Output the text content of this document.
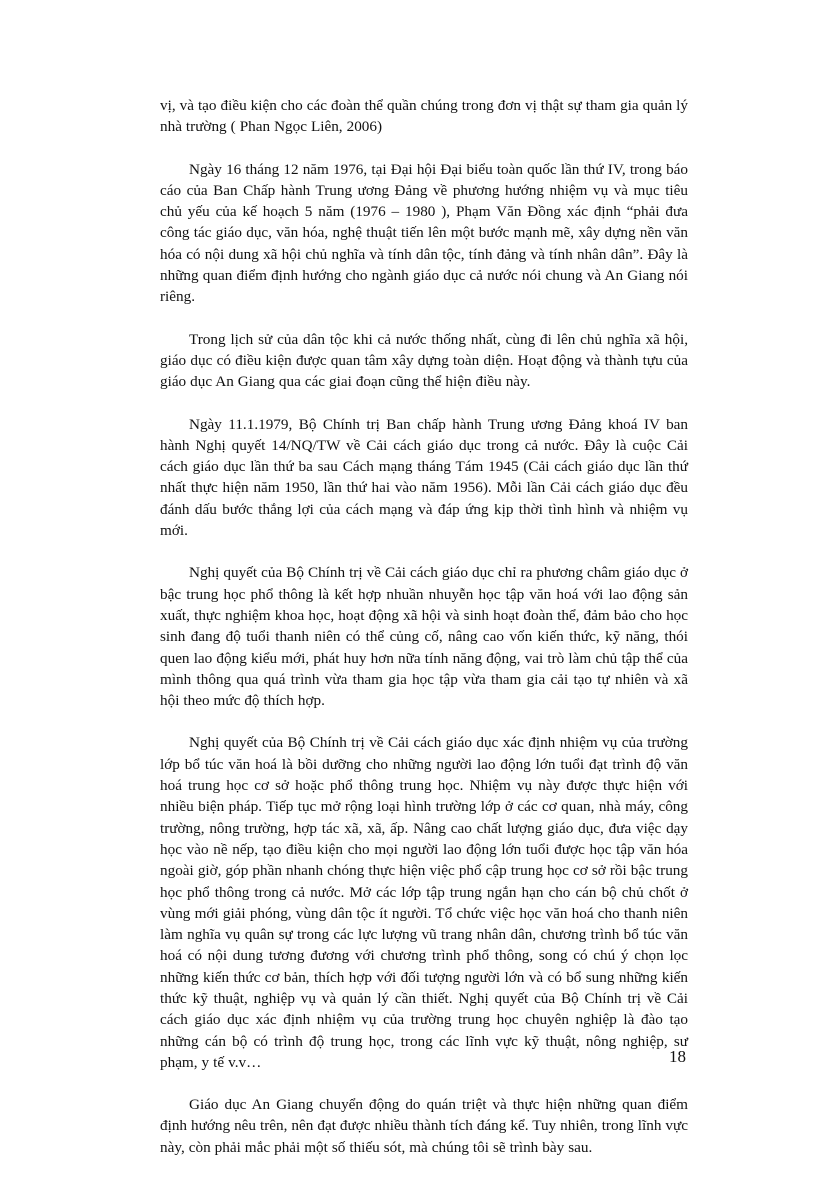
vị, và tạo điều kiện cho các đoàn thể quần chúng trong đơn vị thật sự tham gia quản lý nhà trường ( Phan Ngọc Liên, 2006)

Ngày 16 tháng 12 năm 1976, tại Đại hội Đại biểu toàn quốc lần thứ IV, trong báo cáo của Ban Chấp hành Trung ương Đảng về phương hướng nhiệm vụ và mục tiêu chủ yếu của kế hoạch 5 năm (1976 – 1980 ), Phạm Văn Đồng xác định “phải đưa công tác giáo dục, văn hóa, nghệ thuật tiến lên một bước mạnh mẽ, xây dựng nền văn hóa có nội dung xã hội chủ nghĩa và tính dân tộc, tính đảng và tính nhân dân”. Đây là những quan điểm định hướng cho ngành giáo dục cả nước nói chung và An Giang nói riêng.

Trong lịch sử của dân tộc khi cả nước thống nhất, cùng đi lên chủ nghĩa xã hội, giáo dục có điều kiện được quan tâm xây dựng toàn diện. Hoạt động và thành tựu của giáo dục An Giang qua các giai đoạn cũng thể hiện điều này.

Ngày 11.1.1979, Bộ Chính trị Ban chấp hành Trung ương Đảng khoá IV ban hành Nghị quyết 14/NQ/TW về Cải cách giáo dục trong cả nước. Đây là cuộc Cải cách giáo dục lần thứ ba sau Cách mạng tháng Tám 1945 (Cải cách giáo dục lần thứ nhất thực hiện năm 1950, lần thứ hai vào năm 1956). Mỗi lần Cải cách giáo dục đều đánh dấu bước thắng lợi của cách mạng và đáp ứng kịp thời tình hình và nhiệm vụ mới.

Nghị quyết của Bộ Chính trị về Cải cách giáo dục chỉ ra phương châm giáo dục ở bậc trung học phổ thông là kết hợp nhuần nhuyễn học tập văn hoá với lao động sản xuất, thực nghiệm khoa học, hoạt động xã hội và sinh hoạt đoàn thể, đảm bảo cho học sinh đang độ tuổi thanh niên có thể củng cố, nâng cao vốn kiến thức, kỹ năng, thói quen lao động kiểu mới, phát huy hơn nữa tính năng động, vai trò làm chủ tập thể của mình thông qua quá trình vừa tham gia học tập vừa tham gia cải tạo tự nhiên và xã hội theo mức độ thích hợp.

Nghị quyết của Bộ Chính trị về Cải cách giáo dục xác định nhiệm vụ của trường lớp bổ túc văn hoá là bồi dưỡng cho những người lao động lớn tuổi đạt trình độ văn hoá trung học cơ sở hoặc phổ thông trung học. Nhiệm vụ này được thực hiện với nhiều biện pháp. Tiếp tục mở rộng loại hình trường lớp ở các cơ quan, nhà máy, công trường, nông trường, hợp tác xã, xã, ấp. Nâng cao chất lượng giáo dục, đưa việc dạy học vào nề nếp, tạo điều kiện cho mọi người lao động lớn tuổi được học tập văn hóa ngoài giờ, góp phần nhanh chóng thực hiện việc phổ cập trung học cơ sở rồi bậc trung học phổ thông trong cả nước. Mở các lớp tập trung ngắn hạn cho cán bộ chủ chốt ở vùng mới giải phóng, vùng dân tộc ít người. Tổ chức việc học văn hoá cho thanh niên làm nghĩa vụ quân sự trong các lực lượng vũ trang nhân dân, chương trình bổ túc văn hoá có nội dung tương đương với chương trình phổ thông, song có chú ý chọn lọc những kiến thức cơ bản, thích hợp với đối tượng người lớn và có bổ sung những kiến thức kỹ thuật, nghiệp vụ và quản lý cần thiết. Nghị quyết của Bộ Chính trị về Cải cách giáo dục xác định nhiệm vụ của trường trung học chuyên nghiệp là đào tạo những cán bộ có trình độ trung học, trong các lĩnh vực kỹ thuật, nông nghiệp, sư phạm, y tế v.v…

Giáo dục An Giang chuyển động do quán triệt và thực hiện những quan điểm định hướng nêu trên, nên đạt được nhiều thành tích đáng kể. Tuy nhiên, trong lĩnh vực này, còn phải mắc phải một số thiếu sót, mà chúng tôi sẽ trình bày sau.

18
